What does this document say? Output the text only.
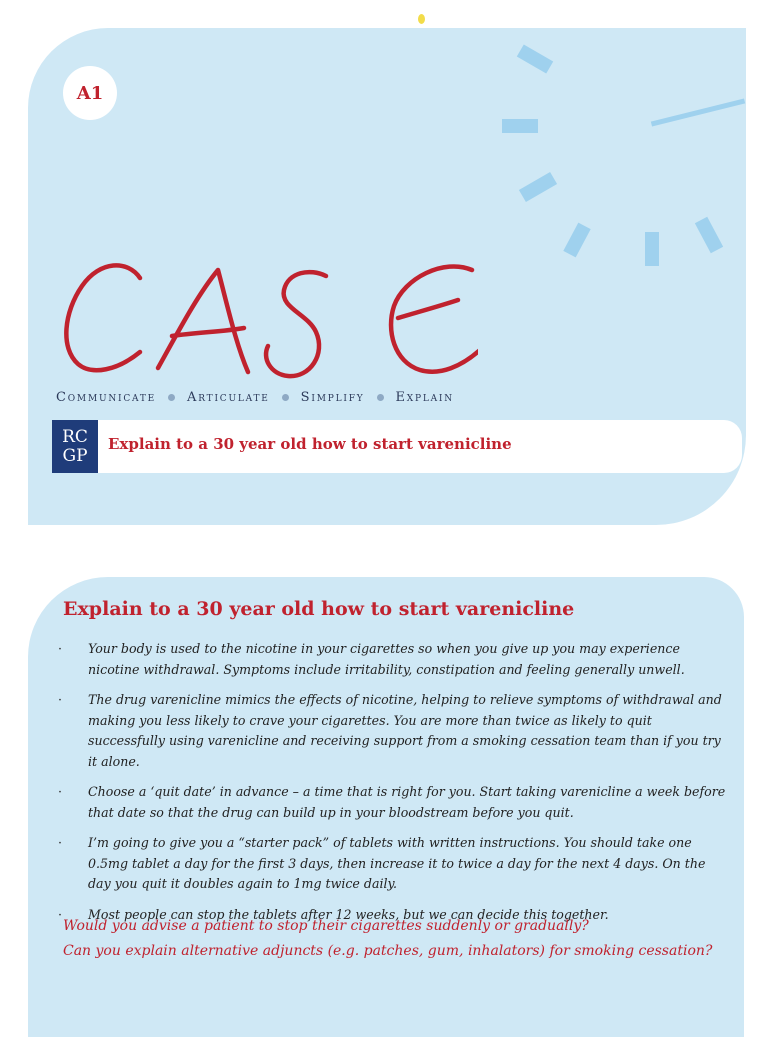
A1
Communicate Articulate Simplify Explain
RC
GP
Explain to a 30 year old how to start varenicline
Explain to a 30 year old how to start varenicline
· Your body is used to the nicotine in your cigarettes so when you give up you may experience nicotine withdrawal. Symptoms include irritability, constipation and feeling generally unwell.
· The drug varenicline mimics the effects of nicotine, helping to relieve symptoms of withdrawal and making you less likely to crave your cigarettes. You are more than twice as likely to quit successfully using varenicline and receiving support from a smoking cessation team than if you try it alone.
· Choose a ‘quit date’ in advance – a time that is right for you. Start taking varenicline a week before that date so that the drug can build up in your bloodstream before you quit.
· I’m going to give you a “starter pack” of tablets with written instructions. You should take one 0.5mg tablet a day for the first 3 days, then increase it to twice a day for the next 4 days. On the day you quit it doubles again to 1mg twice daily.
· Most people can stop the tablets after 12 weeks, but we can decide this together.
Would you advise a patient to stop their cigarettes suddenly or gradually?
Can you explain alternative adjuncts (e.g. patches, gum, inhalators) for smoking cessation?
